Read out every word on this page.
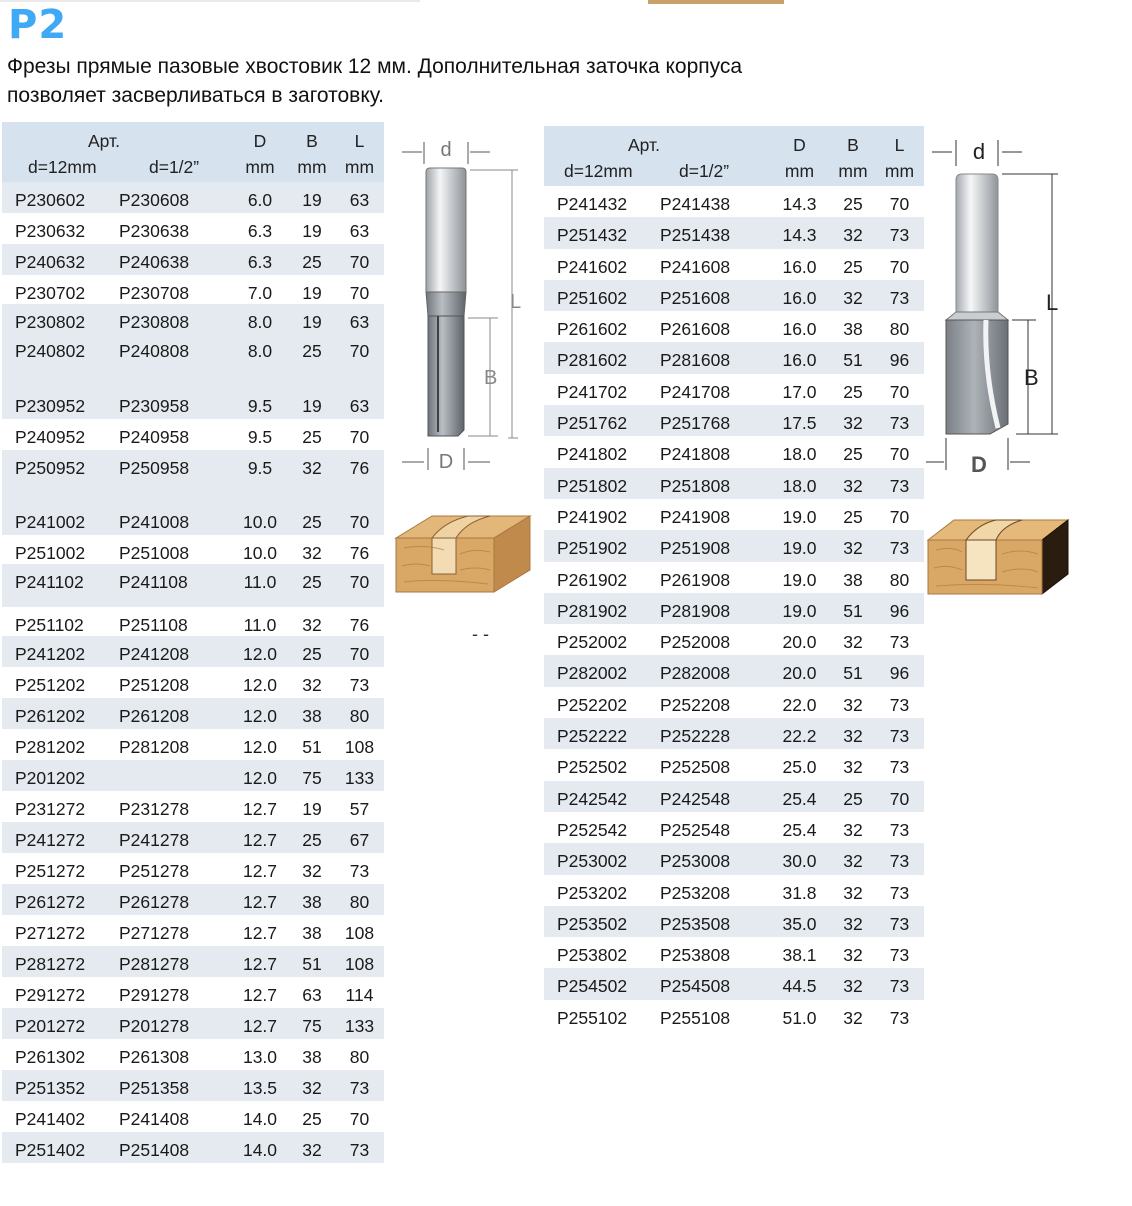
P2
Фрезы прямые пазовые хвостовик 12 мм. Дополнительная заточка корпуса
позволяет засверливаться в заготовку.
Арт.		D	B	L
d=12mm	d=1/2”	mm	mm	mm
P230602	P230608	6.0	19	63
P230632	P230638	6.3	19	63
P240632	P240638	6.3	25	70
P230702	P230708	7.0	19	70
P230802	P230808	8.0	19	63
P240802	P240808	8.0	25	70
P230952	P230958	9.5	19	63
P240952	P240958	9.5	25	70
P250952	P250958	9.5	32	76
P241002	P241008	10.0	25	70
P251002	P251008	10.0	32	76
P241102	P241108	11.0	25	70
P251102	P251108	11.0	32	76
P241202	P241208	12.0	25	70
P251202	P251208	12.0	32	73
P261202	P261208	12.0	38	80
P281202	P281208	12.0	51	108
P201202		12.0	75	133
P231272	P231278	12.7	19	57
P241272	P241278	12.7	25	67
P251272	P251278	12.7	32	73
P261272	P261278	12.7	38	80
P271272	P271278	12.7	38	108
P281272	P281278	12.7	51	108
P291272	P291278	12.7	63	114
P201272	P201278	12.7	75	133
P261302	P261308	13.0	38	80
P251352	P251358	13.5	32	73
P241402	P241408	14.0	25	70
P251402	P251408	14.0	32	73
Арт.		D	B	L
d=12mm	d=1/2”	mm	mm	mm
P241432	P241438	14.3	25	70
P251432	P251438	14.3	32	73
P241602	P241608	16.0	25	70
P251602	P251608	16.0	32	73
P261602	P261608	16.0	38	80
P281602	P281608	16.0	51	96
P241702	P241708	17.0	25	70
P251762	P251768	17.5	32	73
P241802	P241808	18.0	25	70
P251802	P251808	18.0	32	73
P241902	P241908	19.0	25	70
P251902	P251908	19.0	32	73
P261902	P261908	19.0	38	80
P281902	P281908	19.0	51	96
P252002	P252008	20.0	32	73
P282002	P282008	20.0	51	96
P252202	P252208	22.0	32	73
P252222	P252228	22.2	32	73
P252502	P252508	25.0	32	73
P242542	P242548	25.4	25	70
P252542	P252548	25.4	32	73
P253002	P253008	30.0	32	73
P253202	P253208	31.8	32	73
P253502	P253508	35.0	32	73
P253802	P253808	38.1	32	73
P254502	P254508	44.5	32	73
P255102	P255108	51.0	32	73
d
L
B
D
- -
d
L
B
D
